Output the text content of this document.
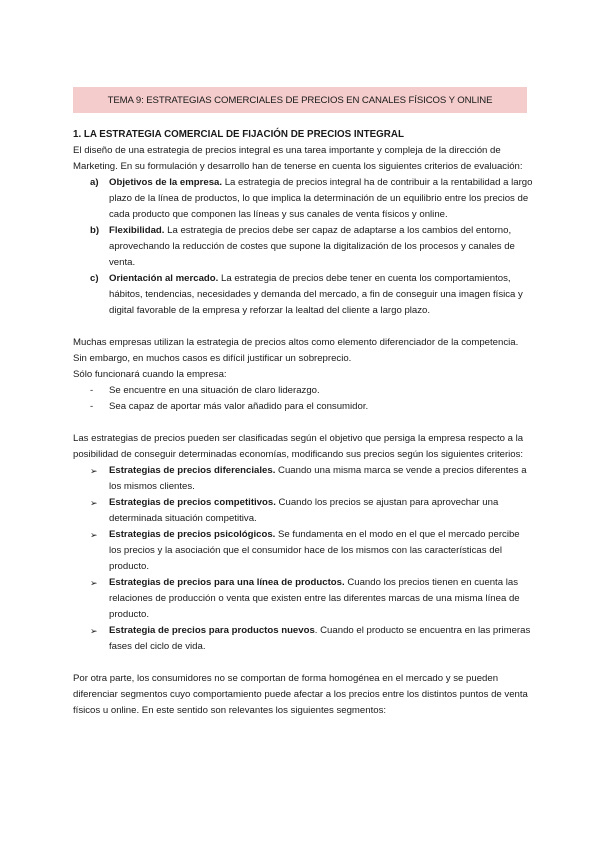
TEMA 9: ESTRATEGIAS COMERCIALES DE PRECIOS EN CANALES FÍSICOS Y ONLINE

1. LA ESTRATEGIA COMERCIAL DE FIJACIÓN DE PRECIOS INTEGRAL

El diseño de una estrategia de precios integral es una tarea importante y compleja de la dirección de Marketing. En su formulación y desarrollo han de tenerse en cuenta los siguientes criterios de evaluación:

a)	Objetivos de la empresa. La estrategia de precios integral ha de contribuir a la rentabilidad a largo plazo de la línea de productos, lo que implica la determinación de un equilibrio entre los precios de cada producto que componen las líneas y sus canales de venta físicos y online.
b)	Flexibilidad. La estrategia de precios debe ser capaz de adaptarse a los cambios del entorno, aprovechando la reducción de costes que supone la digitalización de los procesos y canales de venta.
c)	Orientación al mercado. La estrategia de precios debe tener en cuenta los comportamientos, hábitos, tendencias, necesidades y demanda del mercado, a fin de conseguir una imagen física y digital favorable de la empresa y reforzar la lealtad del cliente a largo plazo.

Muchas empresas utilizan la estrategia de precios altos como elemento diferenciador de la competencia.

Sin embargo, en muchos casos es difícil justificar un sobreprecio.

Sólo funcionará cuando la empresa:

-	Se encuentre en una situación de claro liderazgo.
-	Sea capaz de aportar más valor añadido para el consumidor.

Las estrategias de precios pueden ser clasificadas según el objetivo que persiga la empresa respecto a la posibilidad de conseguir determinadas economías, modificando sus precios según los siguientes criterios:

➢	Estrategias de precios diferenciales. Cuando una misma marca se vende a precios diferentes a los mismos clientes.
➢	Estrategias de precios competitivos. Cuando los precios se ajustan para aprovechar una determinada situación competitiva.
➢	Estrategias de precios psicológicos. Se fundamenta en el modo en el que el mercado percibe los precios y la asociación que el consumidor hace de los mismos con las características del producto.
➢	Estrategias de precios para una línea de productos. Cuando los precios tienen en cuenta las relaciones de producción o venta que existen entre las diferentes marcas de una misma línea de producto.
➢	Estrategia de precios para productos nuevos. Cuando el producto se encuentra en las primeras fases del ciclo de vida.

Por otra parte, los consumidores no se comportan de forma homogénea en el mercado y se pueden diferenciar segmentos cuyo comportamiento puede afectar a los precios entre los distintos puntos de venta físicos u online. En este sentido son relevantes los siguientes segmentos:
